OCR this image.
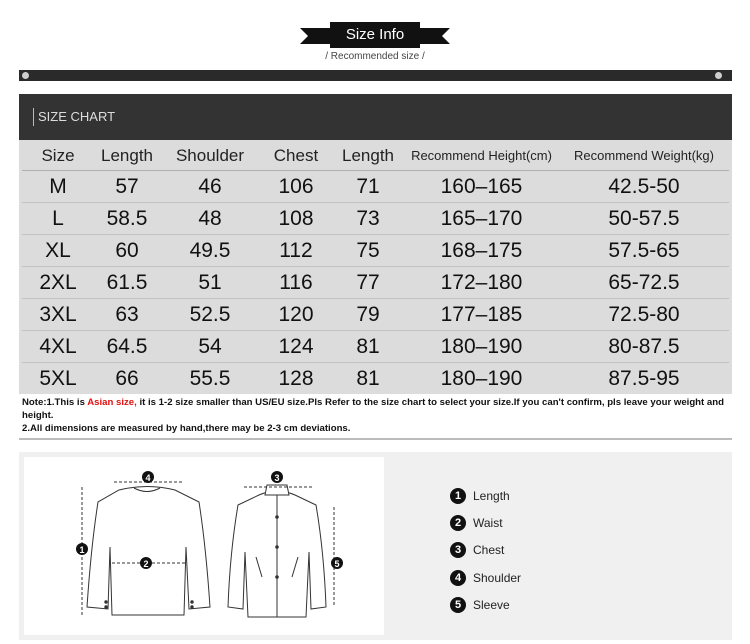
Size Info
/ Recommended size /
SIZE CHART
Size	Length	Shoulder	Chest	Length	Recommend Height(cm)	Recommend Weight(kg)
M	57	46	106	71	160–165	42.5-50
L	58.5	48	108	73	165–170	50-57.5
XL	60	49.5	112	75	168–175	57.5-65
2XL	61.5	51	116	77	172–180	65-72.5
3XL	63	52.5	120	79	177–185	72.5-80
4XL	64.5	54	124	81	180–190	80-87.5
5XL	66	55.5	128	81	180–190	87.5-95
Note:1.This is Asian size, it is 1-2 size smaller than US/EU size.Pls Refer to the size chart to select your size.If you can't confirm, pls leave your weight and height.
2.All dimensions are measured by hand,there may be 2-3 cm deviations.
1
2
3
4
5
1 Length
2 Waist
3 Chest
4 Shoulder
5 Sleeve
